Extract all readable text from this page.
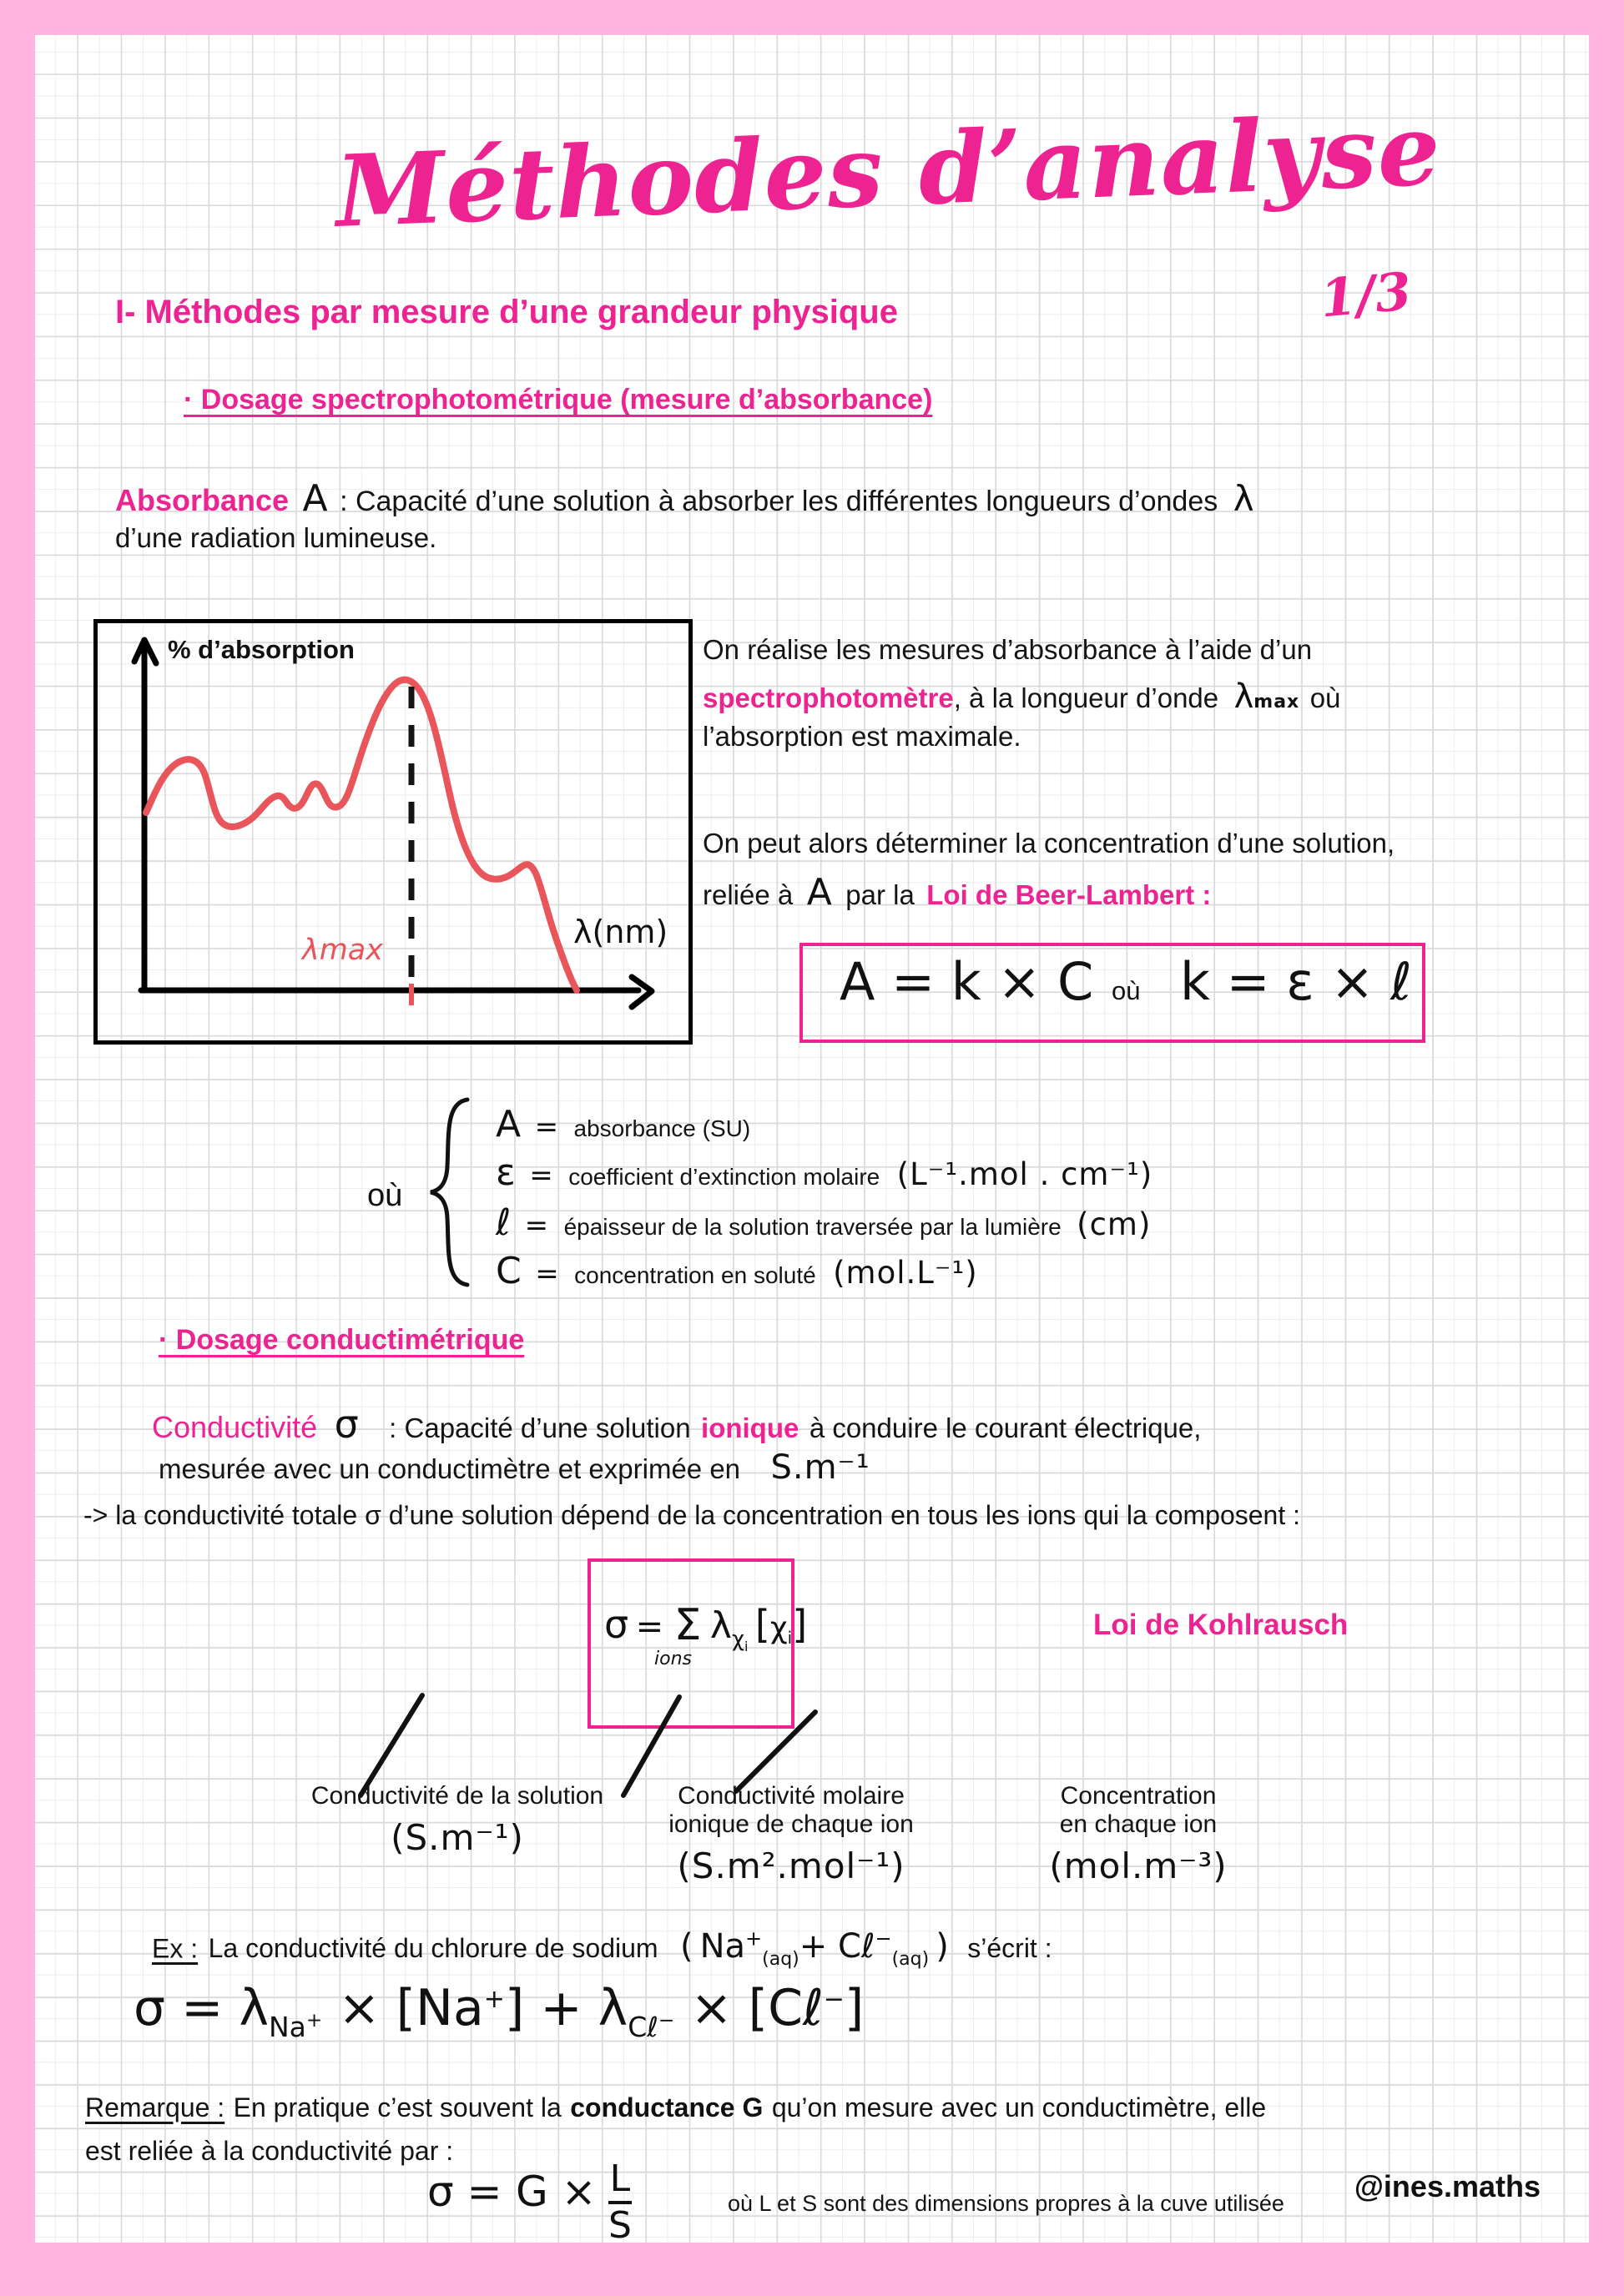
Méthodes d’analyse
1/3
I- Méthodes par mesure d’une grandeur physique
· Dosage spectrophotométrique (mesure d’absorbance)
Absorbance A : Capacité d’une solution à absorber les différentes longueurs d’ondes λ
d’une radiation lumineuse.
% d’absorption
λmax	λ(nm)
On réalise les mesures d’absorbance à l’aide d’un
spectrophotomètre, à la longueur d’onde λmax où
l’absorption est maximale.
On peut alors déterminer la concentration d’une solution,
reliée à A par la Loi de Beer-Lambert :
A = k × C où k = ε × ℓ
où
A = absorbance (SU)
ε = coefficient d’extinction molaire (L⁻¹.mol . cm⁻¹)
ℓ = épaisseur de la solution traversée par la lumière (cm)
C = concentration en soluté (mol.L⁻¹)
· Dosage conductimétrique
Conductivité σ : Capacité d’une solution ionique à conduire le courant électrique,
mesurée avec un conductimètre et exprimée en S.m⁻¹
-> la conductivité totale σ d’une solution dépend de la concentration en tous les ions qui la composent :
σ = Σ $\lambda\chi_i$ [χi]
ions
Loi de Kohlrausch
Conductivité de la solution
(S.m⁻¹)
Conductivité molaire
ionique de chaque ion
(S.m².mol⁻¹)
Concentration
en chaque ion
(mol.m⁻³)
Ex : La conductivité du chlorure de sodium ( $Na^+_{(aq)}+$ Cℓ−$_{(aq)}$ ) s’écrit :
$\sigma = \lambda_{Na^+} \times [Na^+] + \lambda_{C\ell^-}$ × [Cℓ−]
Remarque : En pratique c’est souvent la conductance G qu’on mesure avec un conductimètre, elle
est reliée à la conductivité par :
$\sigma = G \times \frac{L}{S}$	où L et S sont des dimensions propres à la cuve utilisée @ines.maths
